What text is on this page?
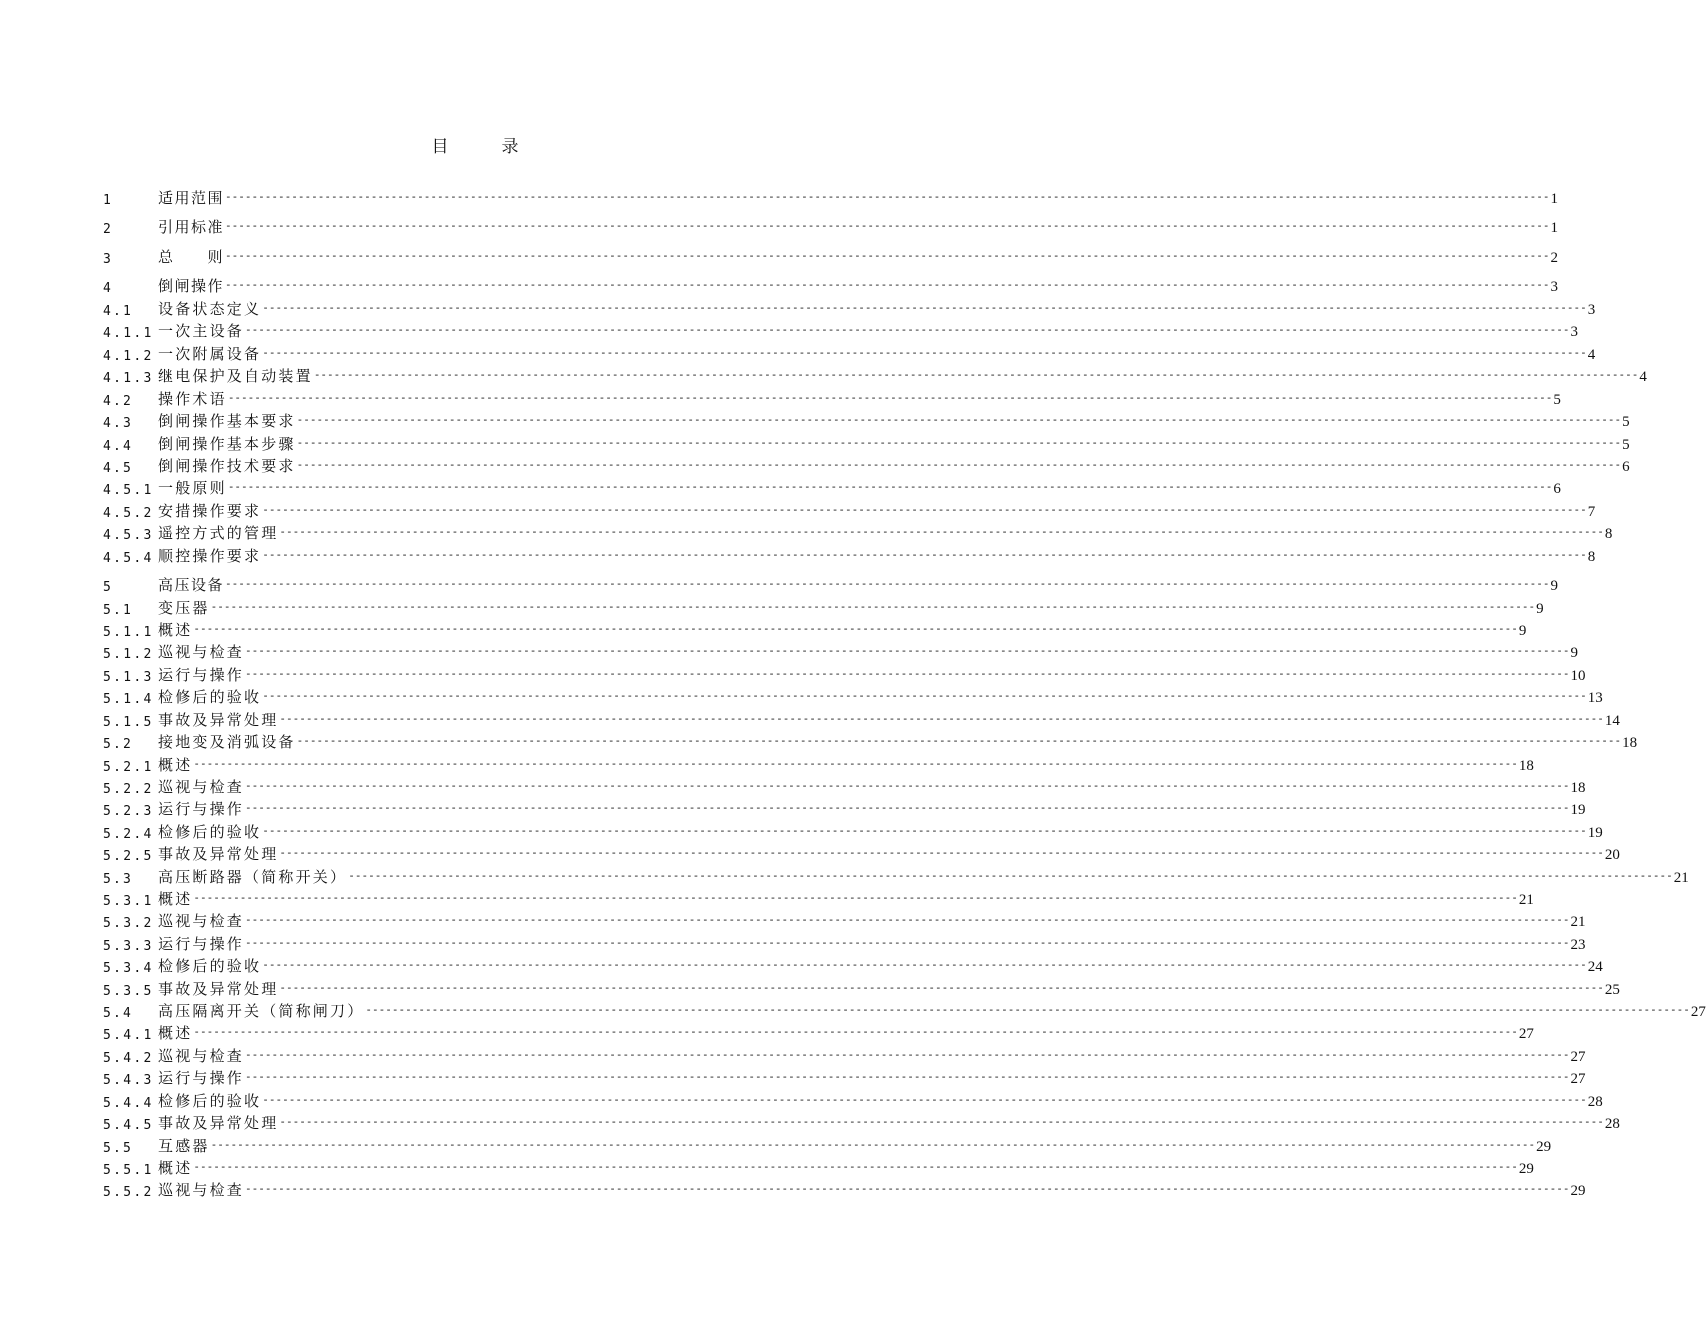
目　录
1	适用范围 -------------------------------------------------------------------------------------------------------------------------------------------------------------------------------------------------------- 1
2	引用标准 -------------------------------------------------------------------------------------------------------------------------------------------------------------------------------------------------------- 1
3	总　　则 -------------------------------------------------------------------------------------------------------------------------------------------------------------------------------------------------------- 2
4	倒闸操作 -------------------------------------------------------------------------------------------------------------------------------------------------------------------------------------------------------- 3
4.1	设备状态定义 -------------------------------------------------------------------------------------------------------------------------------------------------------------------------------------------------------- 3
4.1.1 一次主设备 -------------------------------------------------------------------------------------------------------------------------------------------------------------------------------------------------------- 3
4.1.2 一次附属设备 -------------------------------------------------------------------------------------------------------------------------------------------------------------------------------------------------------- 4
4.1.3 继电保护及自动装置 -------------------------------------------------------------------------------------------------------------------------------------------------------------------------------------------------------- 4
4.2	操作术语 -------------------------------------------------------------------------------------------------------------------------------------------------------------------------------------------------------- 5
4.3	倒闸操作基本要求 -------------------------------------------------------------------------------------------------------------------------------------------------------------------------------------------------------- 5
4.4	倒闸操作基本步骤 -------------------------------------------------------------------------------------------------------------------------------------------------------------------------------------------------------- 5
4.5	倒闸操作技术要求 -------------------------------------------------------------------------------------------------------------------------------------------------------------------------------------------------------- 6
4.5.1 一般原则 -------------------------------------------------------------------------------------------------------------------------------------------------------------------------------------------------------- 6
4.5.2 安措操作要求 -------------------------------------------------------------------------------------------------------------------------------------------------------------------------------------------------------- 7
4.5.3 遥控方式的管理 -------------------------------------------------------------------------------------------------------------------------------------------------------------------------------------------------------- 8
4.5.4 顺控操作要求 -------------------------------------------------------------------------------------------------------------------------------------------------------------------------------------------------------- 8
5	高压设备 -------------------------------------------------------------------------------------------------------------------------------------------------------------------------------------------------------- 9
5.1	变压器 -------------------------------------------------------------------------------------------------------------------------------------------------------------------------------------------------------- 9
5.1.1 概述 -------------------------------------------------------------------------------------------------------------------------------------------------------------------------------------------------------- 9
5.1.2 巡视与检查 -------------------------------------------------------------------------------------------------------------------------------------------------------------------------------------------------------- 9
5.1.3 运行与操作 -------------------------------------------------------------------------------------------------------------------------------------------------------------------------------------------------------- 10
5.1.4 检修后的验收 -------------------------------------------------------------------------------------------------------------------------------------------------------------------------------------------------------- 13
5.1.5 事故及异常处理 -------------------------------------------------------------------------------------------------------------------------------------------------------------------------------------------------------- 14
5.2	接地变及消弧设备 -------------------------------------------------------------------------------------------------------------------------------------------------------------------------------------------------------- 18
5.2.1 概述 -------------------------------------------------------------------------------------------------------------------------------------------------------------------------------------------------------- 18
5.2.2 巡视与检查 -------------------------------------------------------------------------------------------------------------------------------------------------------------------------------------------------------- 18
5.2.3 运行与操作 -------------------------------------------------------------------------------------------------------------------------------------------------------------------------------------------------------- 19
5.2.4 检修后的验收 -------------------------------------------------------------------------------------------------------------------------------------------------------------------------------------------------------- 19
5.2.5 事故及异常处理 -------------------------------------------------------------------------------------------------------------------------------------------------------------------------------------------------------- 20
5.3	高压断路器（简称开关） -------------------------------------------------------------------------------------------------------------------------------------------------------------------------------------------------------- 21
5.3.1 概述 -------------------------------------------------------------------------------------------------------------------------------------------------------------------------------------------------------- 21
5.3.2 巡视与检查 -------------------------------------------------------------------------------------------------------------------------------------------------------------------------------------------------------- 21
5.3.3 运行与操作 -------------------------------------------------------------------------------------------------------------------------------------------------------------------------------------------------------- 23
5.3.4 检修后的验收 -------------------------------------------------------------------------------------------------------------------------------------------------------------------------------------------------------- 24
5.3.5 事故及异常处理 -------------------------------------------------------------------------------------------------------------------------------------------------------------------------------------------------------- 25
5.4	高压隔离开关（简称闸刀） -------------------------------------------------------------------------------------------------------------------------------------------------------------------------------------------------------- 27
5.4.1 概述 -------------------------------------------------------------------------------------------------------------------------------------------------------------------------------------------------------- 27
5.4.2 巡视与检查 -------------------------------------------------------------------------------------------------------------------------------------------------------------------------------------------------------- 27
5.4.3 运行与操作 -------------------------------------------------------------------------------------------------------------------------------------------------------------------------------------------------------- 27
5.4.4 检修后的验收 -------------------------------------------------------------------------------------------------------------------------------------------------------------------------------------------------------- 28
5.4.5 事故及异常处理 -------------------------------------------------------------------------------------------------------------------------------------------------------------------------------------------------------- 28
5.5	互感器 -------------------------------------------------------------------------------------------------------------------------------------------------------------------------------------------------------- 29
5.5.1 概述 -------------------------------------------------------------------------------------------------------------------------------------------------------------------------------------------------------- 29
5.5.2 巡视与检查 -------------------------------------------------------------------------------------------------------------------------------------------------------------------------------------------------------- 29
